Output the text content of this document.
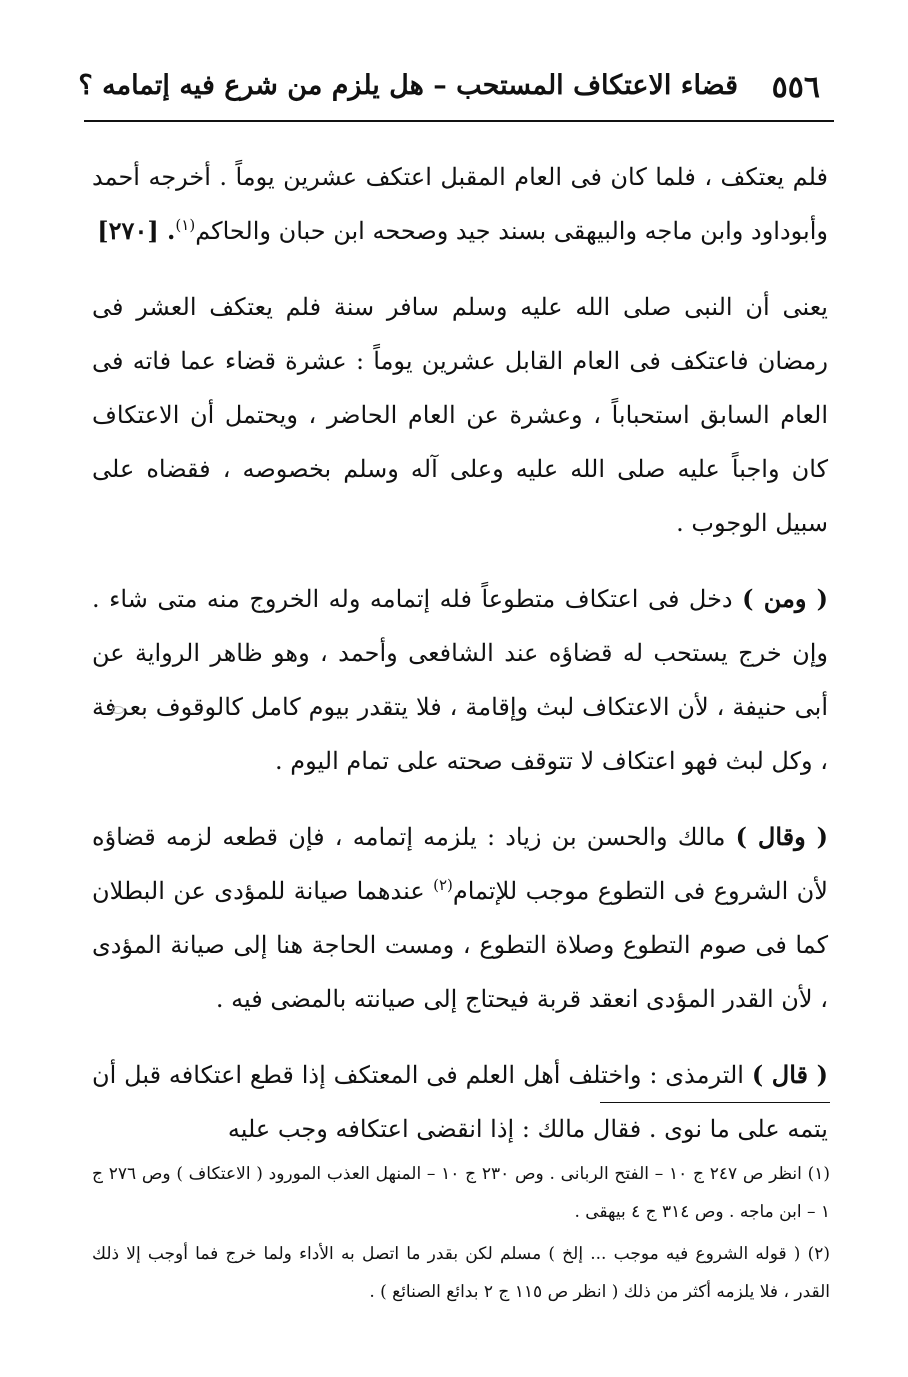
٥٥٦
قضاء الاعتكاف المستحب – هل يلزم من شرع فيه إتمامه ؟

فلم يعتكف ، فلما كان فى العام المقبل اعتكف عشرين يوماً . أخرجه أحمد وأبوداود وابن ماجه والبيهقى بسند جيد وصححه ابن حبان والحاكم$^{(١)}$. [٢٧٠]

يعنى أن النبى صلى الله عليه وسلم سافر سنة فلم يعتكف العشر فى رمضان فاعتكف فى العام القابل عشرين يوماً : عشرة قضاء عما فاته فى العام السابق استحباباً ، وعشرة عن العام الحاضر ، ويحتمل أن الاعتكاف كان واجباً عليه صلى الله عليه وعلى آله وسلم بخصوصه ، فقضاه على سبيل الوجوب .

( ومن ) دخل فى اعتكاف متطوعاً فله إتمامه وله الخروج منه متى شاء . وإن خرج يستحب له قضاؤه عند الشافعى وأحمد ، وهو ظاهر الرواية عن أبى حنيفة ، لأن الاعتكاف لبث وإقامة ، فلا يتقدر بيوم كامل كالوقوف بعرفة ، وكل لبث فهو اعتكاف لا تتوقف صحته على تمام اليوم .

( وقال ) مالك والحسن بن زياد : يلزمه إتمامه ، فإن قطعه لزمه قضاؤه لأن الشروع فى التطوع موجب للإتمام$^{(٢)}$ عندهما صيانة للمؤدى عن البطلان كما فى صوم التطوع وصلاة التطوع ، ومست الحاجة هنا إلى صيانة المؤدى ، لأن القدر المؤدى انعقد قربة فيحتاج إلى صيانته بالمضى فيه .

( قال ) الترمذى : واختلف أهل العلم فى المعتكف إذا قطع اعتكافه قبل أن يتمه على ما نوى . فقال مالك : إذا انقضى اعتكافه وجب عليه

(١) انظر ص ٢٤٧ ج ١٠ – الفتح الربانى . وص ٢٣٠ ج ١٠ – المنهل العذب المورود ( الاعتكاف ) وص ٢٧٦ ج ١ – ابن ماجه . وص ٣١٤ ج ٤ بيهقى .

(٢) ( قوله الشروع فيه موجب ... إلخ ) مسلم لكن بقدر ما اتصل به الأداء ولما خرج فما أوجب إلا ذلك القدر ، فلا يلزمه أكثر من ذلك ( انظر ص ١١٥ ج ٢ بدائع الصنائع ) .
